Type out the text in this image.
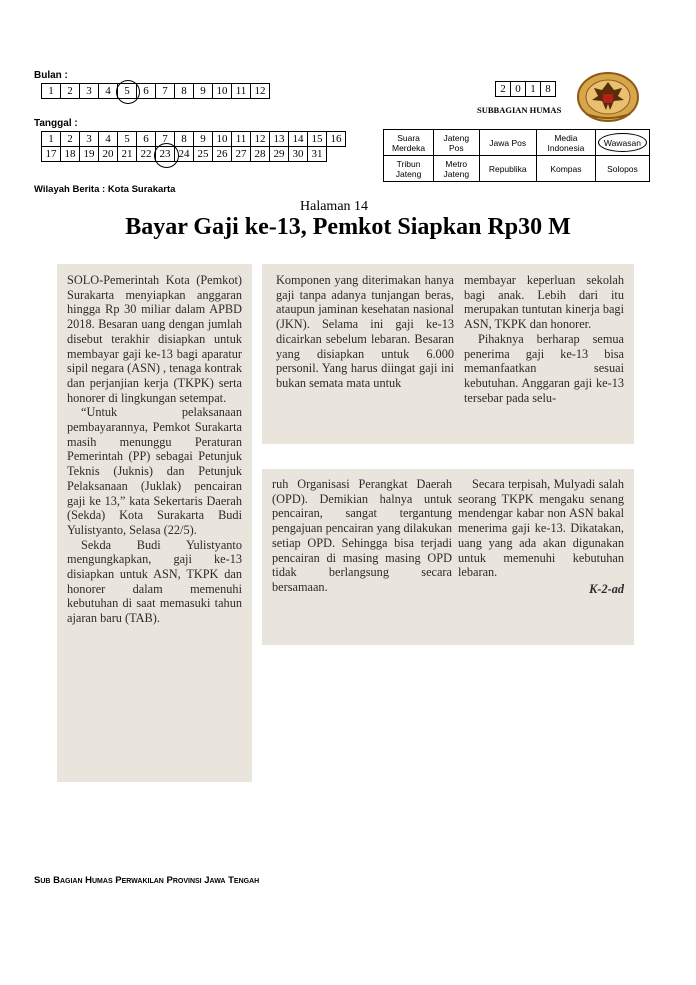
Bulan :
1	2	3	4	5	6	7	8	9	10	11	12
Tanggal :
1	2	3	4	5	6	7	8	9	10	11	12	13	14	15	16
17	18	19	20	21	22	23	24	25	26	27	28	29	30	31	
Wilayah Berita : Kota Surakarta
2	0	1	8
SUBBAGIAN HUMAS
Suara Merdeka	Jateng Pos	Jawa Pos	Media Indonesia	Wawasan

Tribun Jateng	Metro Jateng	Republika	Kompas	Solopos
Halaman 14
Bayar Gaji ke-13, Pemkot Siapkan Rp30 M

SOLO-Pemerintah Kota (Pemkot) Surakarta menyiapkan anggaran hingga Rp 30 miliar dalam APBD 2018. Besaran uang dengan jumlah disebut terakhir disiapkan untuk membayar gaji ke-13 bagi aparatur sipil negara (ASN) , tenaga kontrak dan perjanjian kerja (TKPK) serta honorer di lingkungan setempat.

“Untuk pelaksanaan pembayarannya, Pemkot Surakarta masih menunggu Peraturan Pemerintah (PP) sebagai Petunjuk Teknis (Juknis) dan Petunjuk Pelaksanaan (Juklak) pencairan gaji ke 13,” kata Sekertaris Daerah (Sekda) Kota Surakarta Budi Yulistyanto, Selasa (22/5).

Sekda Budi Yulistyanto mengungkapkan, gaji ke-13 disiapkan untuk ASN, TKPK dan honorer dalam memenuhi kebutuhan di saat memasuki tahun ajaran baru (TAB).

Komponen yang diterimakan hanya gaji tanpa adanya tunjangan beras, ataupun jaminan kesehatan nasional (JKN). Selama ini gaji ke-13 dicairkan sebelum lebaran. Besaran yang disiapkan untuk 6.000 personil. Yang harus diingat gaji ini bukan semata mata untuk

membayar keperluan sekolah bagi anak. Lebih dari itu merupakan tuntutan kinerja bagi ASN, TKPK dan honorer.

Pihaknya berharap semua penerima gaji ke-13 bisa memanfaatkan sesuai kebutuhan. Anggaran gaji ke-13 tersebar pada selu-

ruh Organisasi Perangkat Daerah (OPD). Demikian halnya untuk pencairan, sangat tergantung pengajuan pencairan yang dilakukan setiap OPD. Sehingga bisa terjadi pencairan di masing masing OPD tidak berlangsung secara bersamaan.

Secara terpisah, Mulyadi salah seorang TKPK mengaku senang mendengar kabar non ASN bakal menerima gaji ke-13. Dikatakan, uang yang ada akan digunakan untuk memenuhi kebutuhan lebaran.

K-2-ad
Sub Bagian Humas Perwakilan Provinsi Jawa Tengah
